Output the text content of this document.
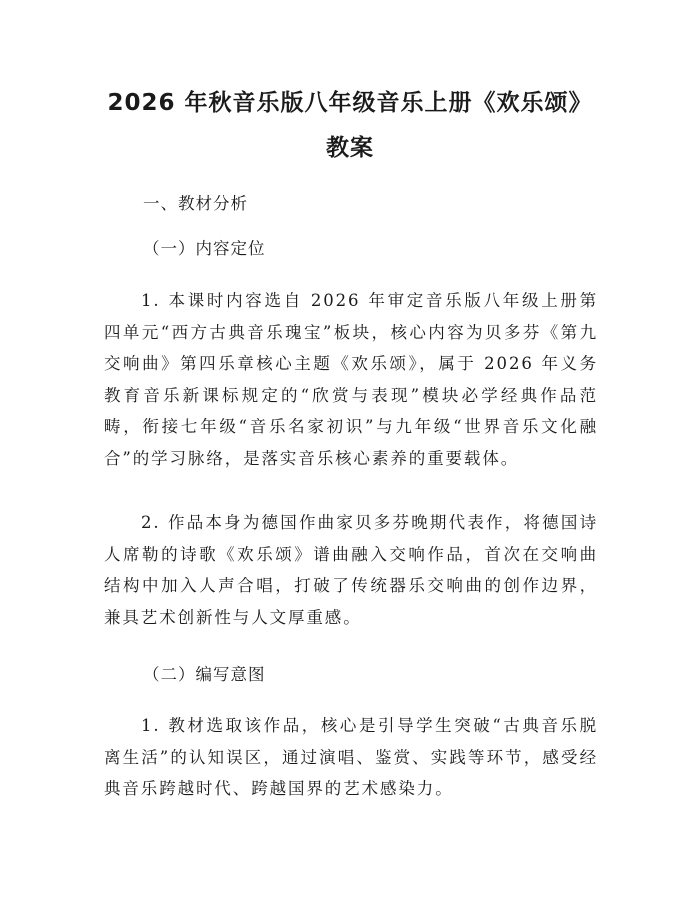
2026 年秋音乐版八年级音乐上册《欢乐颂》
教案

一、教材分析

（一）内容定位

1. 本课时内容选自 2026 年审定音乐版八年级上册第四单元“西方古典音乐瑰宝”板块，核心内容为贝多芬《第九交响曲》第四乐章核心主题《欢乐颂》，属于 2026 年义务教育音乐新课标规定的“欣赏与表现”模块必学经典作品范畴，衔接七年级“音乐名家初识”与九年级“世界音乐文化融合”的学习脉络，是落实音乐核心素养的重要载体。

2. 作品本身为德国作曲家贝多芬晚期代表作，将德国诗人席勒的诗歌《欢乐颂》谱曲融入交响作品，首次在交响曲结构中加入人声合唱，打破了传统器乐交响曲的创作边界，兼具艺术创新性与人文厚重感。

（二）编写意图

1. 教材选取该作品，核心是引导学生突破“古典音乐脱离生活”的认知误区，通过演唱、鉴赏、实践等环节，感受经典音乐跨越时代、跨越国界的艺术感染力。
